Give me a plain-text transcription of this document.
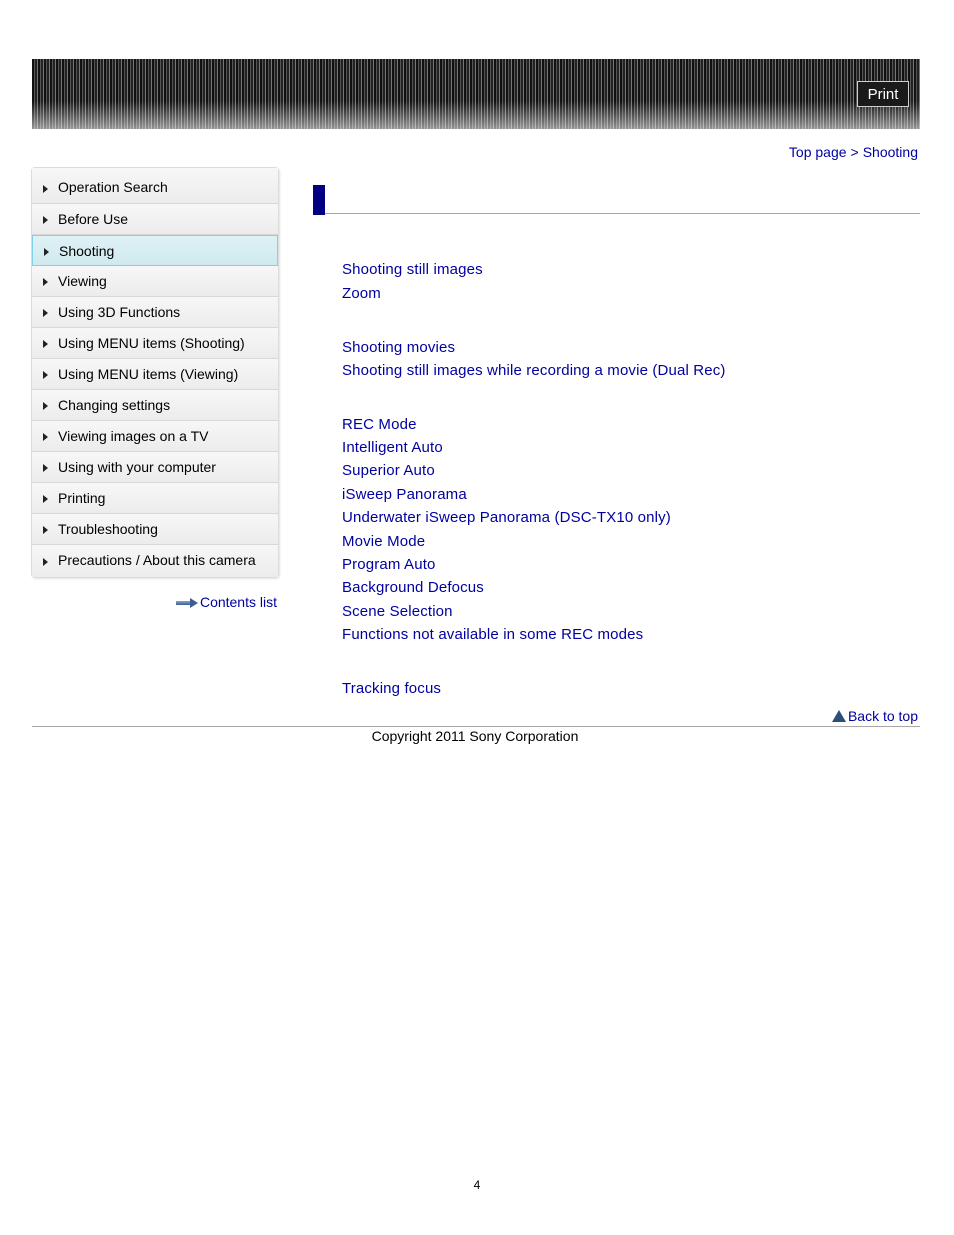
Print
Top page > Shooting
Operation Search
Before Use
Shooting
Viewing
Using 3D Functions
Using MENU items (Shooting)
Using MENU items (Viewing)
Changing settings
Viewing images on a TV
Using with your computer
Printing
Troubleshooting
Precautions / About this camera
Contents list
Shooting still images
Zoom
Shooting movies
Shooting still images while recording a movie (Dual Rec)
REC Mode
Intelligent Auto
Superior Auto
iSweep Panorama
Underwater iSweep Panorama (DSC-TX10 only)
Movie Mode
Program Auto
Background Defocus
Scene Selection
Functions not available in some REC modes
Tracking focus
Back to top
Copyright 2011 Sony Corporation
4
